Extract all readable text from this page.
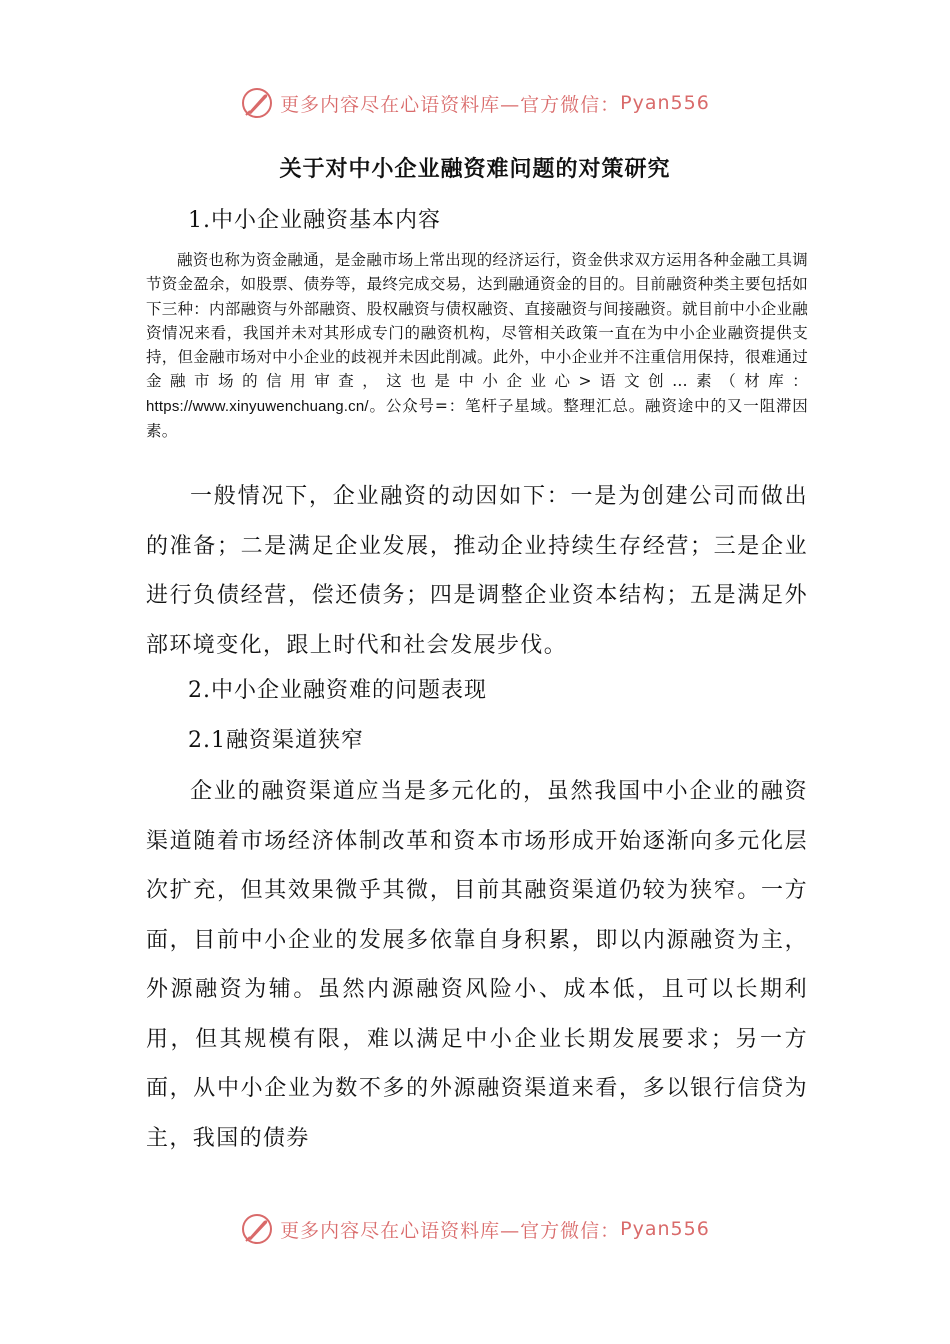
更多内容尽在心语资料库—官方微信： Pyan556
关于对中小企业融资难问题的对策研究
1.中小企业融资基本内容

融资也称为资金融通，是金融市场上常出现的经济运行，资金供求双方运用各种金融工具调节资金盈余，如股票、债券等，最终完成交易，达到融通资金的目的。目前融资种类主要包括如下三种：内部融资与外部融资、股权融资与债权融资、直接融资与间接融资。就目前中小企业融资情况来看，我国并未对其形成专门的融资机构，尽管相关政策一直在为中小企业融资提供支持，但金融市场对中小企业的歧视并未因此削减。此外，中小企业并不注重信用保持，很难通过金融市场的信用审查，这也是中小企业心>语文创…素（材库：https://www.xinyuwenchuang.cn/。公众号=：笔杆子星域。整理汇总。融资途中的又一阻滞因素。

一般情况下，企业融资的动因如下：一是为创建公司而做出的准备；二是满足企业发展，推动企业持续生存经营；三是企业进行负债经营，偿还债务；四是调整企业资本结构；五是满足外部环境变化，跟上时代和社会发展步伐。

2.中小企业融资难的问题表现
2.1融资渠道狭窄

企业的融资渠道应当是多元化的，虽然我国中小企业的融资渠道随着市场经济体制改革和资本市场形成开始逐渐向多元化层次扩充，但其效果微乎其微，目前其融资渠道仍较为狭窄。一方面，目前中小企业的发展多依靠自身积累，即以内源融资为主，外源融资为辅。虽然内源融资风险小、成本低，且可以长期利用，但其规模有限，难以满足中小企业长期发展要求；另一方面，从中小企业为数不多的外源融资渠道来看，多以银行信贷为主，我国的债券

更多内容尽在心语资料库—官方微信： Pyan556
